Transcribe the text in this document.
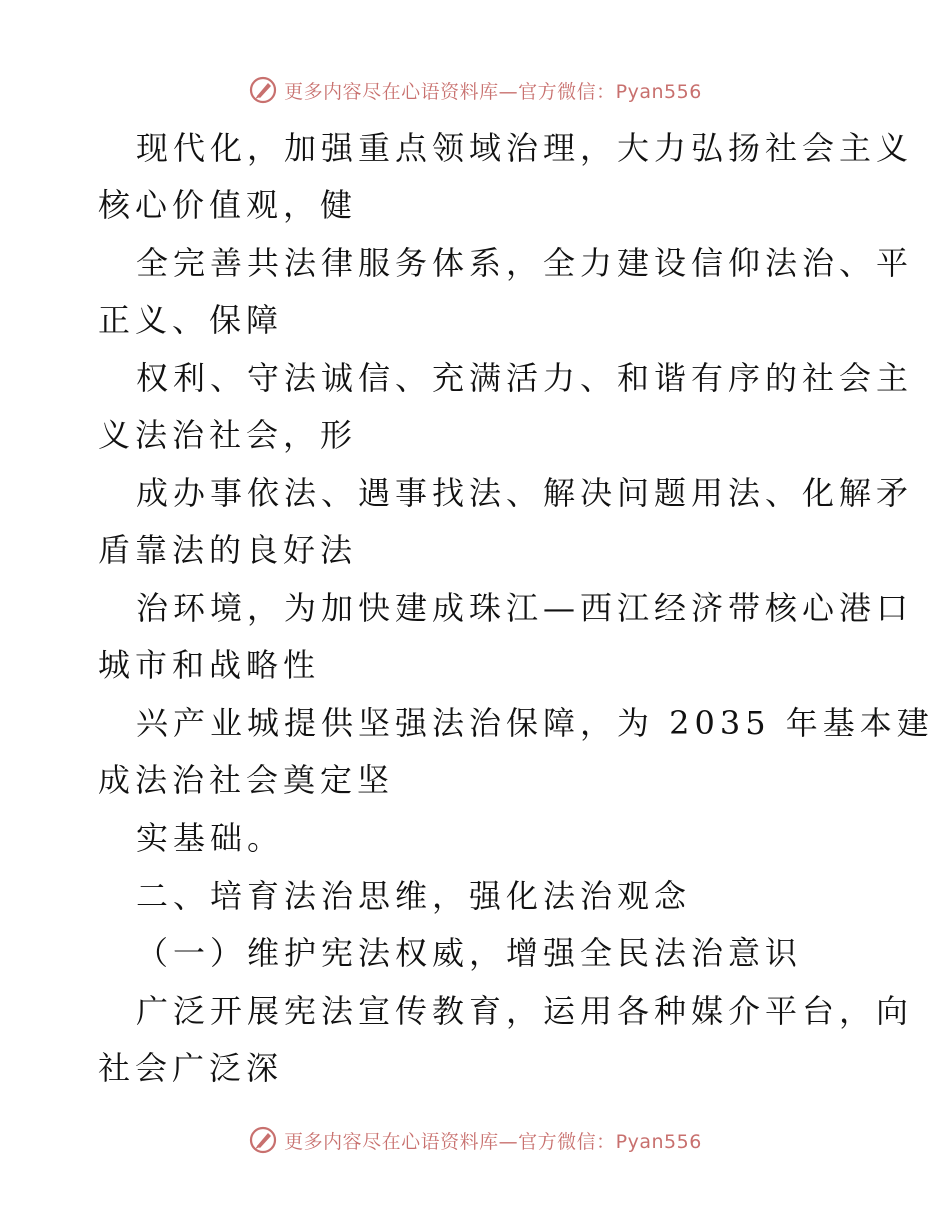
更多内容尽在心语资料库—官方微信：Pyan556
现代化，加强重点领域治理，大力弘扬社会主义
核心价值观，健
全完善共法律服务体系，全力建设信仰法治、平
正义、保障
权利、守法诚信、充满活力、和谐有序的社会主
义法治社会，形
成办事依法、遇事找法、解决问题用法、化解矛
盾靠法的良好法
治环境，为加快建成珠江—西江经济带核心港口
城市和战略性
兴产业城提供坚强法治保障，为 2035 年基本建
成法治社会奠定坚
实基础。
二、培育法治思维，强化法治观念
（一）维护宪法权威，增强全民法治意识
广泛开展宪法宣传教育，运用各种媒介平台，向
社会广泛深
更多内容尽在心语资料库—官方微信：Pyan556
